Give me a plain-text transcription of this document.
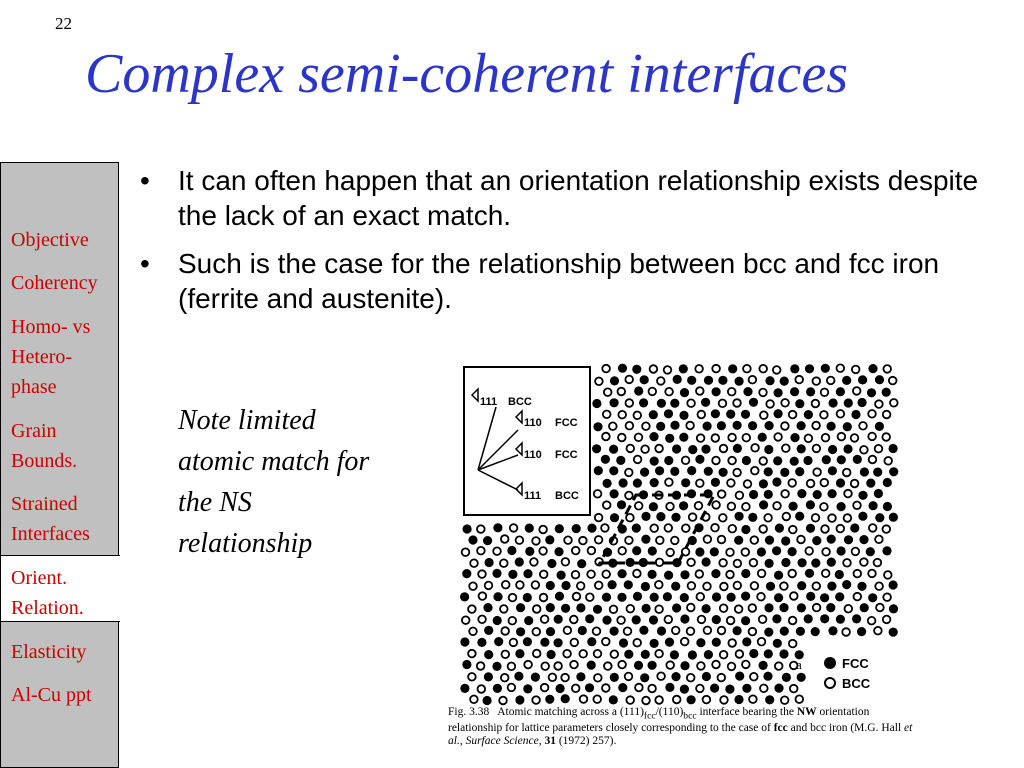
22
Complex semi-coherent interfaces
Objective
Coherency
Homo- vs
Hetero-
phase
Grain
Bounds.
Strained
Interfaces
Orient.
Relation.
Elasticity
Al-Cu ppt
• It can often happen that an orientation relationship exists despite the lack of an exact match.
• Such is the case for the relationship between bcc and fcc iron (ferrite and austenite).
Note limited
atomic match for
the NS
relationship
111 BCC
110 FCC
110 FCC
111 BCC
FCC
BCC
a
Fig. 3.38 Atomic matching across a $(111)_{fcc}/(110)_{bcc}$ interface bearing the NW orientation relationship for lattice parameters closely corresponding to the case of fcc and bcc iron (M.G. Hall et al., Surface Science, 31 (1972) 257).
